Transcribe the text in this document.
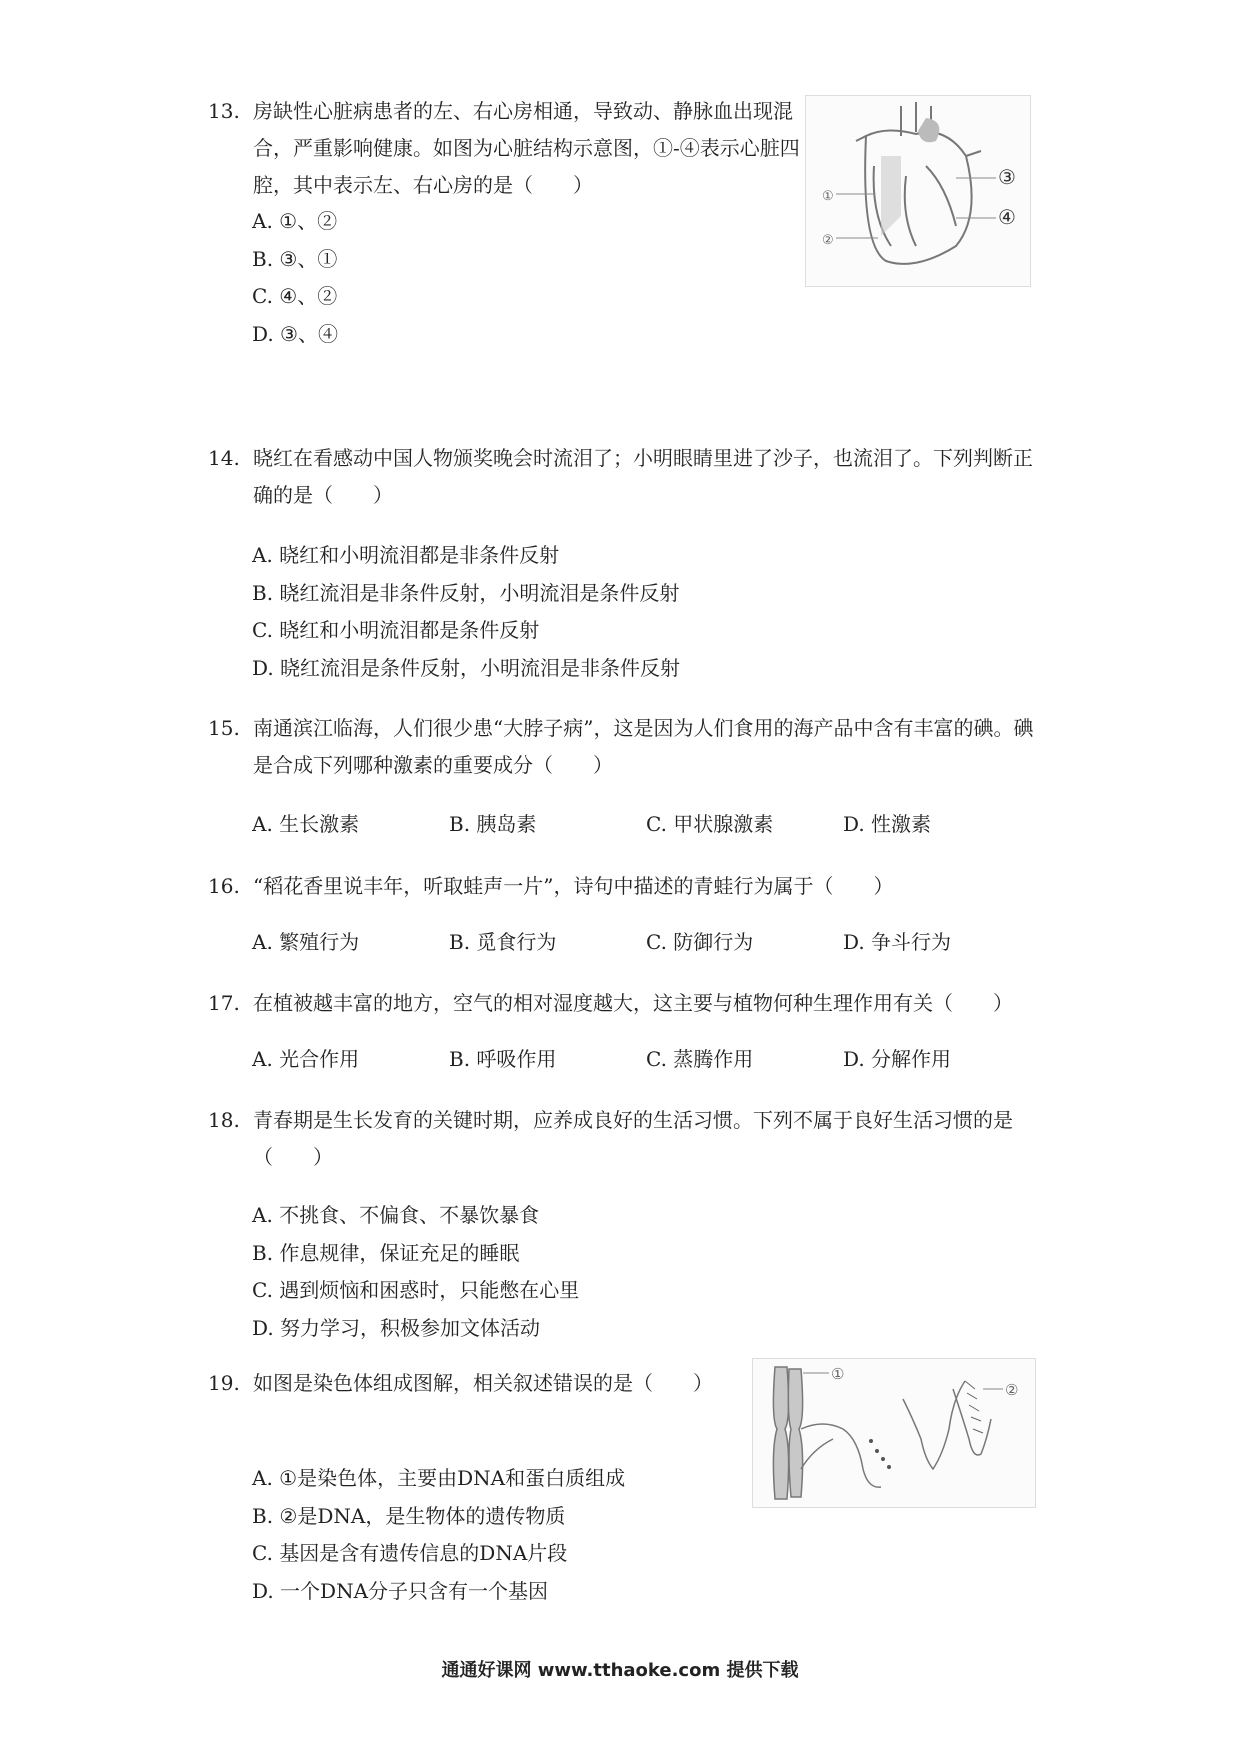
13. 房缺性心脏病患者的左、右心房相通，导致动、静脉血出现混合，严重影响健康。如图为心脏结构示意图，①-④表示心脏四腔，其中表示左、右心房的是（　　）
A. ①、②
B. ③、①
C. ④、②
D. ③、④
①
②
③
④
14. 晓红在看感动中国人物颁奖晚会时流泪了；小明眼睛里进了沙子，也流泪了。下列判断正确的是（　　）
A. 晓红和小明流泪都是非条件反射
B. 晓红流泪是非条件反射，小明流泪是条件反射
C. 晓红和小明流泪都是条件反射
D. 晓红流泪是条件反射，小明流泪是非条件反射
15. 南通滨江临海，人们很少患“大脖子病”，这是因为人们食用的海产品中含有丰富的碘。碘是合成下列哪种激素的重要成分（　　）
A. 生长激素	B. 胰岛素	C. 甲状腺激素	D. 性激素
16. “稻花香里说丰年，听取蛙声一片”，诗句中描述的青蛙行为属于（　　）
A. 繁殖行为	B. 觅食行为	C. 防御行为	D. 争斗行为
17. 在植被越丰富的地方，空气的相对湿度越大，这主要与植物何种生理作用有关（　　）
A. 光合作用	B. 呼吸作用	C. 蒸腾作用	D. 分解作用
18. 青春期是生长发育的关键时期，应养成良好的生活习惯。下列不属于良好生活习惯的是（　　）
A. 不挑食、不偏食、不暴饮暴食
B. 作息规律，保证充足的睡眠
C. 遇到烦恼和困惑时，只能憋在心里
D. 努力学习，积极参加文体活动
19. 如图是染色体组成图解，相关叙述错误的是（　　）	①
②
A. ①是染色体，主要由DNA和蛋白质组成
B. ②是DNA，是生物体的遗传物质
C. 基因是含有遗传信息的DNA片段
D. 一个DNA分子只含有一个基因
通通好课网 www.tthaoke.com 提供下载
